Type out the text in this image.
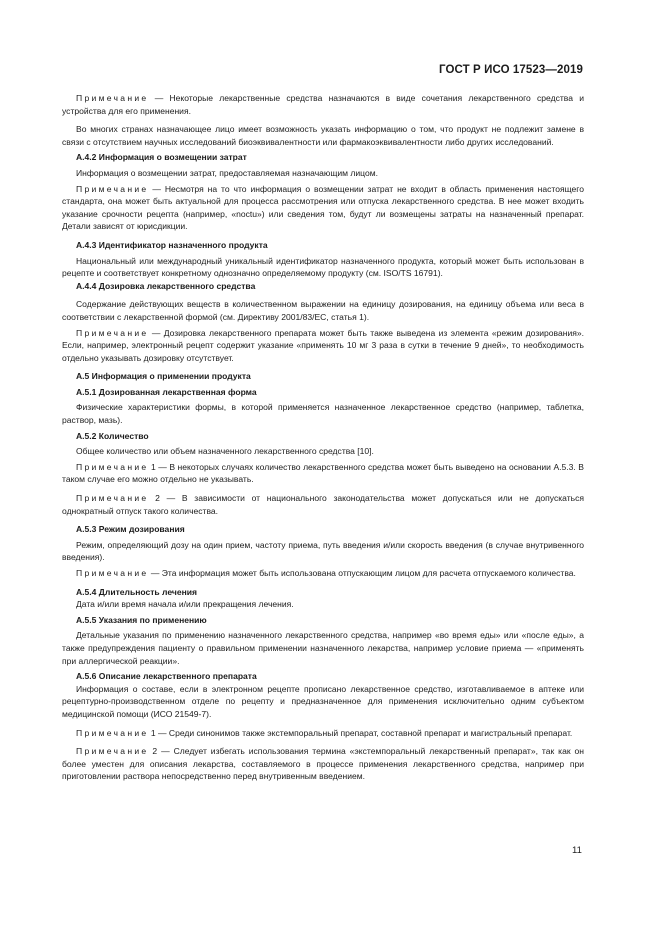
ГОСТ Р ИСО 17523—2019

Примечание — Некоторые лекарственные средства назначаются в виде сочетания лекарственного средства и устройства для его применения.

Во многих странах назначающее лицо имеет возможность указать информацию о том, что продукт не подлежит замене в связи с отсутствием научных исследований биоэквивалентности или фармакоэквивалентности либо других исследований.

А.4.2 Информация о возмещении затрат

Информация о возмещении затрат, предоставляемая назначающим лицом.

Примечание — Несмотря на то что информация о возмещении затрат не входит в область применения настоящего стандарта, она может быть актуальной для процесса рассмотрения или отпуска лекарственного средства. В нее может входить указание срочности рецепта (например, «noctu») или сведения том, будут ли возмещены затраты на назначенный препарат. Детали зависят от юрисдикции.

А.4.3 Идентификатор назначенного продукта

Национальный или международный уникальный идентификатор назначенного продукта, который может быть использован в рецепте и соответствует конкретному однозначно определяемому продукту (см. ISO/TS 16791).

А.4.4 Дозировка лекарственного средства

Содержание действующих веществ в количественном выражении на единицу дозирования, на единицу объема или веса в соответствии с лекарственной формой (см. Директиву 2001/83/ЕС, статья 1).

Примечание — Дозировка лекарственного препарата может быть также выведена из элемента «режим дозирования». Если, например, электронный рецепт содержит указание «применять 10 мг 3 раза в сутки в течение 9 дней», то необходимость отдельно указывать дозировку отсутствует.

А.5 Информация о применении продукта

А.5.1 Дозированная лекарственная форма

Физические характеристики формы, в которой применяется назначенное лекарственное средство (например, таблетка, раствор, мазь).

А.5.2 Количество

Общее количество или объем назначенного лекарственного средства [10].

Примечание 1 — В некоторых случаях количество лекарственного средства может быть выведено на основании А.5.3. В таком случае его можно отдельно не указывать.

Примечание 2 — В зависимости от национального законодательства может допускаться или не допускаться однократный отпуск такого количества.

А.5.3 Режим дозирования

Режим, определяющий дозу на один прием, частоту приема, путь введения и/или скорость введения (в случае внутривенного введения).

Примечание — Эта информация может быть использована отпускающим лицом для расчета отпускаемого количества.

А.5.4 Длительность лечения

Дата и/или время начала и/или прекращения лечения.

А.5.5 Указания по применению

Детальные указания по применению назначенного лекарственного средства, например «во время еды» или «после еды», а также предупреждения пациенту о правильном применении назначенного лекарства, например условие приема — «применять при аллергической реакции».

А.5.6 Описание лекарственного препарата

Информация о составе, если в электронном рецепте прописано лекарственное средство, изготавливаемое в аптеке или рецептурно-производственном отделе по рецепту и предназначенное для применения исключительно одним субъектом медицинской помощи (ИСО 21549-7).

Примечание 1 — Среди синонимов также экстемпоральный препарат, составной препарат и магистральный препарат.

Примечание 2 — Следует избегать использования термина «экстемпоральный лекарственный препарат», так как он более уместен для описания лекарства, составляемого в процессе применения лекарственного средства, например при приготовлении раствора непосредственно перед внутривенным введением.

11
